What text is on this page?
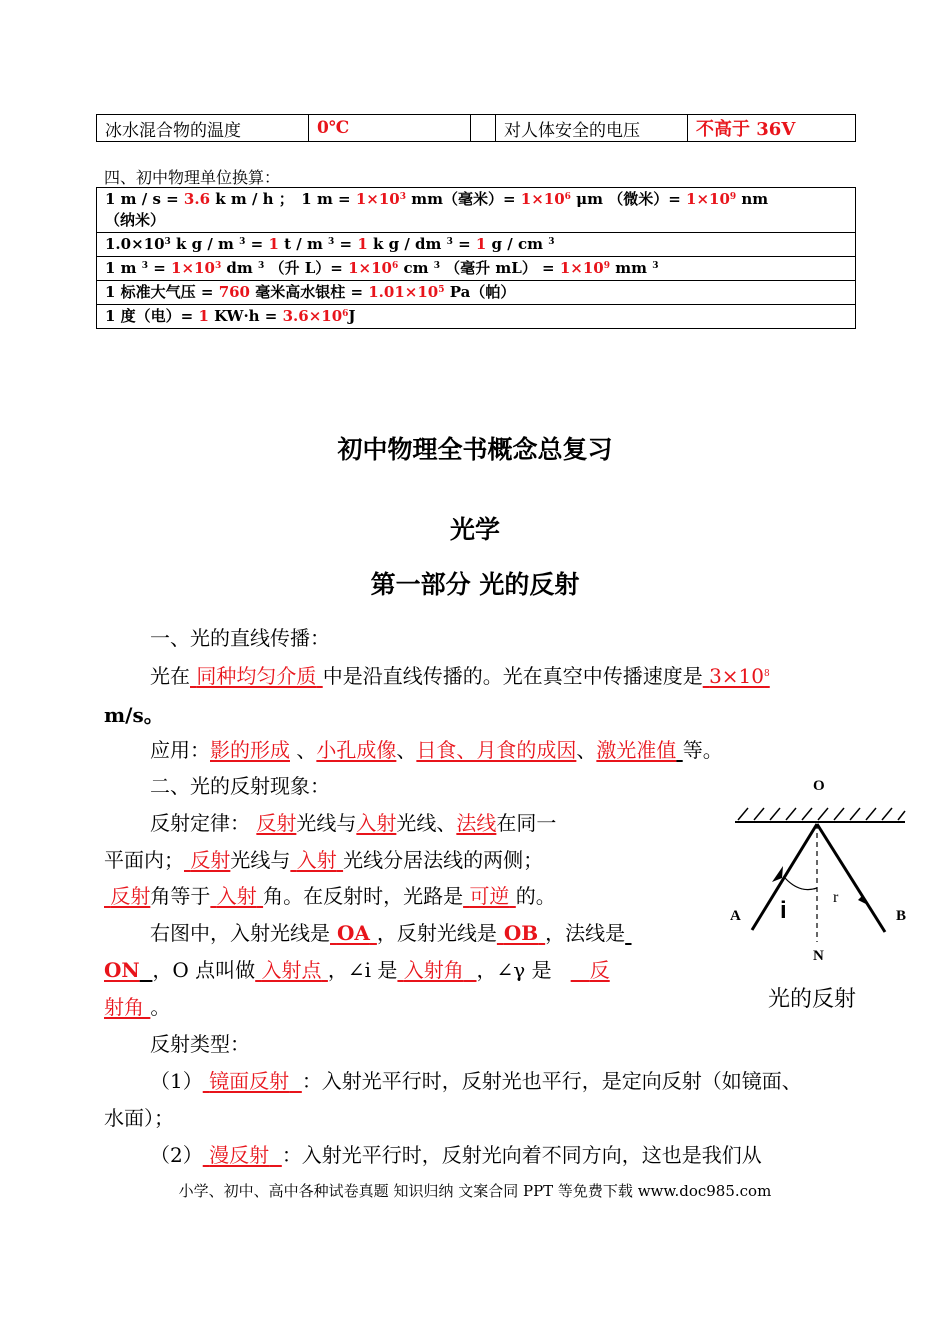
冰水混合物的温度	0℃		对人体安全的电压	不高于 36V
四、初中物理单位换算：
1 m / s = 3.6 k m / h ；　1 $m = 1\times 10^3$ mm（毫米）= $1\times 10^6$ μm （微米）= $1\times 10^9$ nm
（纳米）
$1.0\times 10^3$ k g / m $^3$ = 1 t / m $^3$ = 1 k g / dm $^3$ = 1 g / cm $^3$
1 m $^3 = 1\times 10^3$ dm $^3$ （升 $L)= 1\times 10^6$ cm $^3$ （毫升 $mL) = 1\times 10^9$ mm $^3$
1 标准大气压 = 760 毫米高水银柱 = $1.01\times 10^5$ Pa（帕）
1 度（电）= 1 $KW\cdot h = 3.6\times 10^6J$
初中物理全书概念总复习
光学
第一部分 光的反射
一、光的直线传播：
光在 同种均匀介质 中是沿直线传播的。光在真空中传播速度是 $3\times 10^8$
m/s。
应用：影的形成 、小孔成像、日食、月食的成因、激光准值 等。
二、光的反射现象：
反射定律： 反射光线与入射光线、法线在同一
平面内； 反射光线与 入射 光线分居法线的两侧；
反射角等于 入射 角。在反射时，光路是 可逆 的。
右图中，入射光线是 OA ，反射光线是 OB ，法线是
ON ，O 点叫做 入射点 ，∠i 是 入射角 ，∠γ 是 反
射角 。
反射类型：
（1） 镜面反射 ：入射光平行时，反射光也平行，是定向反射（如镜面、
水面）；
（2） 漫反射 ：入射光平行时，反射光向着不同方向，这也是我们从
O
A	B
N
i	r
光的反射
小学、初中、高中各种试卷真题 知识归纳 文案合同 PPT 等免费下载 www.doc985.com
